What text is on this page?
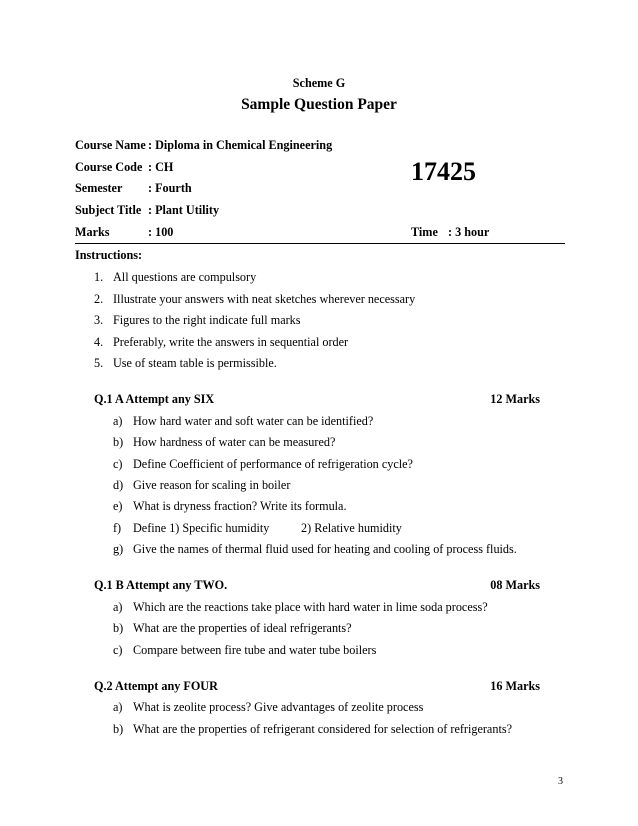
Scheme G
Sample Question Paper
Course Name : Diploma in Chemical Engineering
Course Code : CH
Semester : Fourth
Subject Title : Plant Utility
Marks	: 100
17425
Time : 3 hour
Instructions:
1. All questions are compulsory
2. Illustrate your answers with neat sketches wherever necessary
3. Figures to the right indicate full marks
4. Preferably, write the answers in sequential order
5. Use of steam table is permissible.
Q.1 A Attempt any SIX	12 Marks
a) How hard water and soft water can be identified?
b) How hardness of water can be measured?
c) Define Coefficient of performance of refrigeration cycle?
d) Give reason for scaling in boiler
e) What is dryness fraction? Write its formula.
f) Define 1) Specific humidity	2) Relative humidity
g) Give the names of thermal fluid used for heating and cooling of process fluids.
Q.1 B Attempt any TWO.	08 Marks
a) Which are the reactions take place with hard water in lime soda process?
b) What are the properties of ideal refrigerants?
c) Compare between fire tube and water tube boilers
Q.2 Attempt any FOUR	16 Marks
a) What is zeolite process? Give advantages of zeolite process
b) What are the properties of refrigerant considered for selection of refrigerants?
3
